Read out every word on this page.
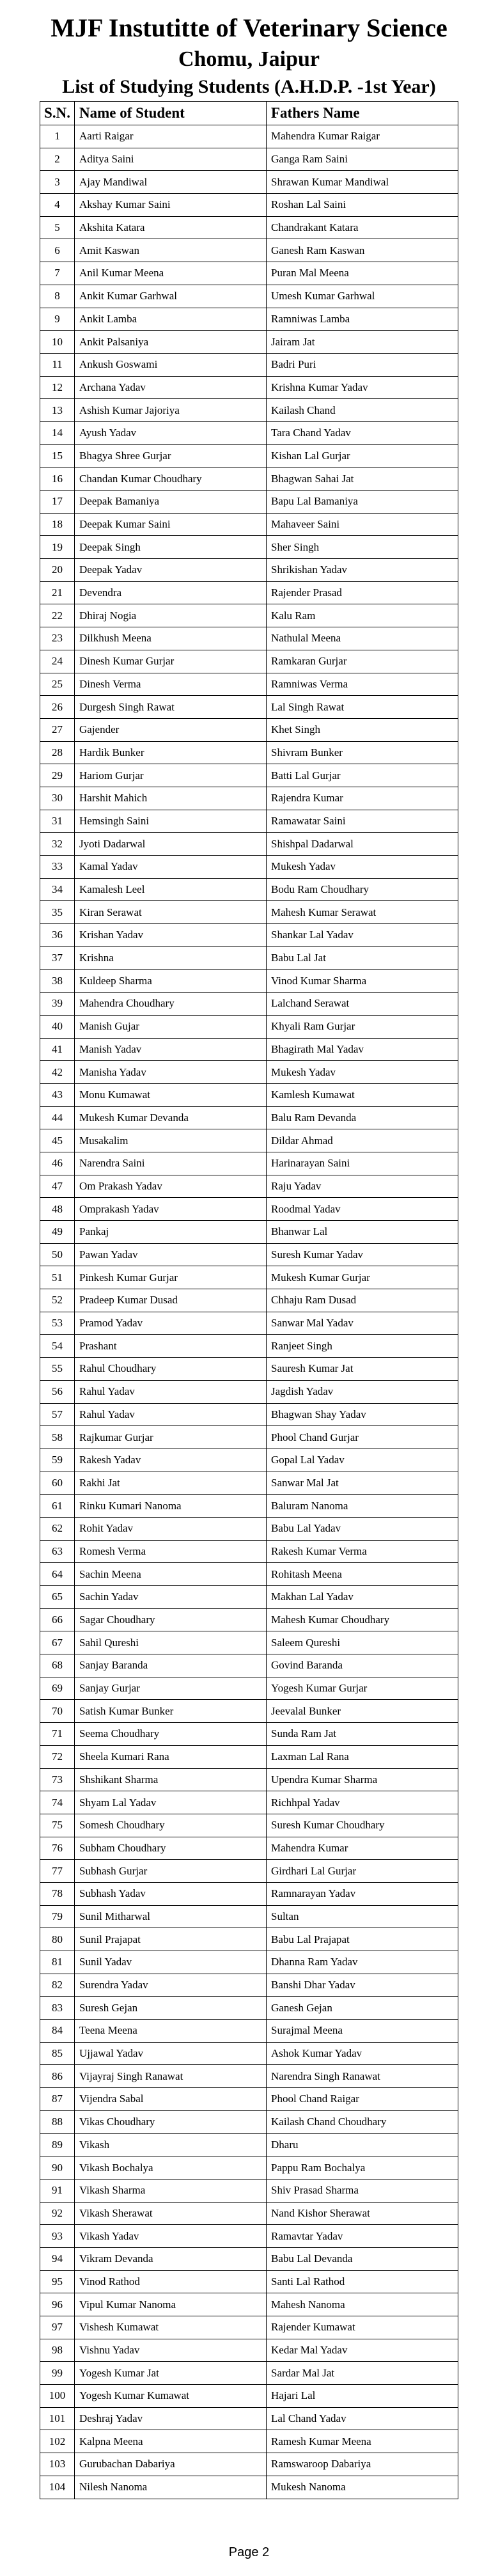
MJF Instutitte of Veterinary Science
Chomu, Jaipur
List of Studying Students (A.H.D.P. -1st Year)
S.N.	Name of Student	Fathers Name
1	Aarti Raigar	Mahendra Kumar Raigar
2	Aditya Saini	Ganga Ram Saini
3	Ajay Mandiwal	Shrawan Kumar Mandiwal
4	Akshay Kumar Saini	Roshan Lal Saini
5	Akshita Katara	Chandrakant Katara
6	Amit Kaswan	Ganesh Ram Kaswan
7	Anil Kumar Meena	Puran Mal Meena
8	Ankit Kumar Garhwal	Umesh Kumar Garhwal
9	Ankit Lamba	Ramniwas Lamba
10	Ankit Palsaniya	Jairam Jat
11	Ankush Goswami	Badri Puri
12	Archana Yadav	Krishna Kumar Yadav
13	Ashish Kumar Jajoriya	Kailash Chand
14	Ayush Yadav	Tara Chand Yadav
15	Bhagya Shree Gurjar	Kishan Lal Gurjar
16	Chandan Kumar Choudhary	Bhagwan Sahai Jat
17	Deepak Bamaniya	Bapu Lal Bamaniya
18	Deepak Kumar Saini	Mahaveer Saini
19	Deepak Singh	Sher Singh
20	Deepak Yadav	Shrikishan Yadav
21	Devendra	Rajender Prasad
22	Dhiraj Nogia	Kalu Ram
23	Dilkhush Meena	Nathulal Meena
24	Dinesh Kumar Gurjar	Ramkaran Gurjar
25	Dinesh Verma	Ramniwas Verma
26	Durgesh Singh Rawat	Lal Singh Rawat
27	Gajender	Khet Singh
28	Hardik Bunker	Shivram Bunker
29	Hariom Gurjar	Batti Lal Gurjar
30	Harshit Mahich	Rajendra Kumar
31	Hemsingh Saini	Ramawatar Saini
32	Jyoti Dadarwal	Shishpal Dadarwal
33	Kamal Yadav	Mukesh Yadav
34	Kamalesh Leel	Bodu Ram Choudhary
35	Kiran Serawat	Mahesh Kumar Serawat
36	Krishan Yadav	Shankar Lal Yadav
37	Krishna	Babu Lal Jat
38	Kuldeep Sharma	Vinod Kumar Sharma
39	Mahendra Choudhary	Lalchand Serawat
40	Manish Gujar	Khyali Ram Gurjar
41	Manish Yadav	Bhagirath Mal Yadav
42	Manisha Yadav	Mukesh Yadav
43	Monu Kumawat	Kamlesh Kumawat
44	Mukesh Kumar Devanda	Balu Ram Devanda
45	Musakalim	Dildar Ahmad
46	Narendra Saini	Harinarayan Saini
47	Om Prakash Yadav	Raju Yadav
48	Omprakash Yadav	Roodmal Yadav
49	Pankaj	Bhanwar Lal
50	Pawan Yadav	Suresh Kumar Yadav
51	Pinkesh Kumar Gurjar	Mukesh Kumar Gurjar
52	Pradeep Kumar Dusad	Chhaju Ram Dusad
53	Pramod Yadav	Sanwar Mal Yadav
54	Prashant	Ranjeet Singh
55	Rahul Choudhary	Sauresh Kumar Jat
56	Rahul Yadav	Jagdish Yadav
57	Rahul Yadav	Bhagwan Shay Yadav
58	Rajkumar Gurjar	Phool Chand Gurjar
59	Rakesh Yadav	Gopal Lal Yadav
60	Rakhi Jat	Sanwar Mal Jat
61	Rinku Kumari Nanoma	Baluram Nanoma
62	Rohit Yadav	Babu Lal Yadav
63	Romesh Verma	Rakesh Kumar Verma
64	Sachin Meena	Rohitash Meena
65	Sachin Yadav	Makhan Lal Yadav
66	Sagar Choudhary	Mahesh Kumar Choudhary
67	Sahil Qureshi	Saleem Qureshi
68	Sanjay Baranda	Govind Baranda
69	Sanjay Gurjar	Yogesh Kumar Gurjar
70	Satish Kumar Bunker	Jeevalal Bunker
71	Seema Choudhary	Sunda Ram Jat
72	Sheela Kumari Rana	Laxman Lal Rana
73	Shshikant Sharma	Upendra Kumar Sharma
74	Shyam Lal Yadav	Richhpal Yadav
75	Somesh Choudhary	Suresh Kumar Choudhary
76	Subham Choudhary	Mahendra Kumar
77	Subhash Gurjar	Girdhari Lal Gurjar
78	Subhash Yadav	Ramnarayan Yadav
79	Sunil Mitharwal	Sultan
80	Sunil Prajapat	Babu Lal Prajapat
81	Sunil Yadav	Dhanna Ram Yadav
82	Surendra Yadav	Banshi Dhar Yadav
83	Suresh Gejan	Ganesh Gejan
84	Teena Meena	Surajmal Meena
85	Ujjawal Yadav	Ashok Kumar Yadav
86	Vijayraj Singh Ranawat	Narendra Singh Ranawat
87	Vijendra Sabal	Phool Chand Raigar
88	Vikas Choudhary	Kailash Chand Choudhary
89	Vikash	Dharu
90	Vikash Bochalya	Pappu Ram Bochalya
91	Vikash Sharma	Shiv Prasad Sharma
92	Vikash Sherawat	Nand Kishor Sherawat
93	Vikash Yadav	Ramavtar Yadav
94	Vikram Devanda	Babu Lal Devanda
95	Vinod Rathod	Santi Lal Rathod
96	Vipul Kumar Nanoma	Mahesh Nanoma
97	Vishesh Kumawat	Rajender Kumawat
98	Vishnu Yadav	Kedar Mal Yadav
99	Yogesh Kumar Jat	Sardar Mal Jat
100	Yogesh Kumar Kumawat	Hajari Lal
101	Deshraj Yadav	Lal Chand Yadav
102	Kalpna Meena	Ramesh Kumar Meena
103	Gurubachan Dabariya	Ramswaroop Dabariya
104	Nilesh Nanoma	Mukesh Nanoma
Page 2
